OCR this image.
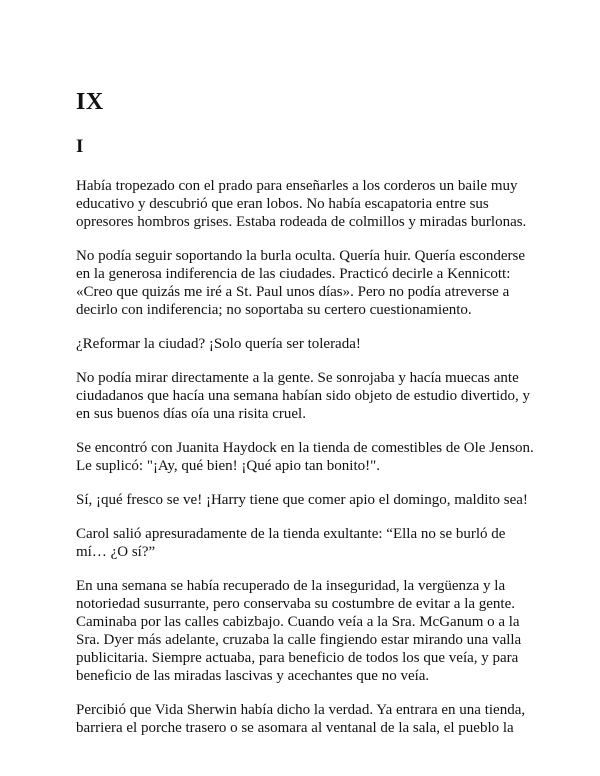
IX
I

Había tropezado con el prado para enseñarles a los corderos un baile muy educativo y descubrió que eran lobos. No había escapatoria entre sus opresores hombros grises. Estaba rodeada de colmillos y miradas burlonas.

No podía seguir soportando la burla oculta. Quería huir. Quería esconderse en la generosa indiferencia de las ciudades. Practicó decirle a Kennicott: «Creo que quizás me iré a St. Paul unos días». Pero no podía atreverse a decirlo con indiferencia; no soportaba su certero cuestionamiento.

¿Reformar la ciudad? ¡Solo quería ser tolerada!

No podía mirar directamente a la gente. Se sonrojaba y hacía muecas ante ciudadanos que hacía una semana habían sido objeto de estudio divertido, y en sus buenos días oía una risita cruel.

Se encontró con Juanita Haydock en la tienda de comestibles de Ole Jenson. Le suplicó: "¡Ay, qué bien! ¡Qué apio tan bonito!".

Sí, ¡qué fresco se ve! ¡Harry tiene que comer apio el domingo, maldito sea!

Carol salió apresuradamente de la tienda exultante: “Ella no se burló de mí… ¿O sí?”

En una semana se había recuperado de la inseguridad, la vergüenza y la notoriedad susurrante, pero conservaba su costumbre de evitar a la gente. Caminaba por las calles cabizbajo. Cuando veía a la Sra. McGanum o a la Sra. Dyer más adelante, cruzaba la calle fingiendo estar mirando una valla publicitaria. Siempre actuaba, para beneficio de todos los que veía, y para beneficio de las miradas lascivas y acechantes que no veía.

Percibió que Vida Sherwin había dicho la verdad. Ya entrara en una tienda, barriera el porche trasero o se asomara al ventanal de la sala, el pueblo la
